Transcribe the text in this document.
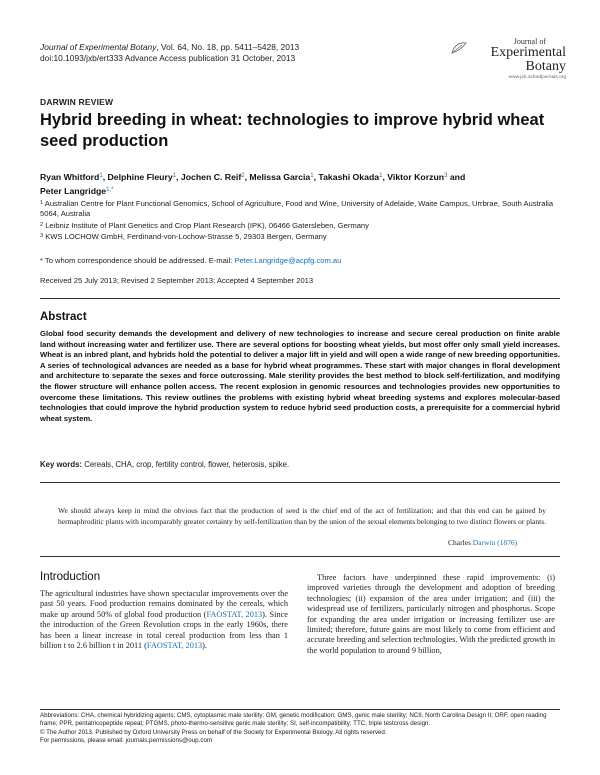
Journal of Experimental Botany, Vol. 64, No. 18, pp. 5411–5428, 2013
doi:10.1093/jxb/ert333 Advance Access publication 31 October, 2013
Journal of
Experimental
Botany
www.jxb.oxfordjournals.org
DARWIN REVIEW
Hybrid breeding in wheat: technologies to improve hybrid wheat seed production
Ryan Whitford$^1$, Delphine Fleury$^1$, Jochen C. Reif$^2$, Melissa Garcia$^1$, Takashi Okada$^1$, Viktor Korzun$^3$ and
Peter Langridge$^{1,*}$

$^1$ Australian Centre for Plant Functional Genomics, School of Agriculture, Food and Wine, University of Adelaide, Waite Campus, Urrbrae, South Australia 5064, Australia

$^2$ Leibniz Institute of Plant Genetics and Crop Plant Research (IPK), 06466 Gatersleben, Germany

$^3$ KWS LOCHOW GmbH, Ferdinand-von-Lochow-Strasse 5, 29303 Bergen, Germany

* To whom correspondence should be addressed. E-mail: Peter.Langridge@acpfg.com.au
Received 25 July 2013; Revised 2 September 2013; Accepted 4 September 2013
Abstract
Global food security demands the development and delivery of new technologies to increase and secure cereal production on finite arable land without increasing water and fertilizer use. There are several options for boosting wheat yields, but most offer only small yield increases. Wheat is an inbred plant, and hybrids hold the potential to deliver a major lift in yield and will open a wide range of new breeding opportunities. A series of technological advances are needed as a base for hybrid wheat programmes. These start with major changes in floral development and architecture to separate the sexes and force outcrossing. Male sterility provides the best method to block self-fertilization, and modifying the flower structure will enhance pollen access. The recent explosion in genomic resources and technologies provides new opportunities to overcome these limitations. This review outlines the problems with existing hybrid wheat breeding systems and explores molecular-based technologies that could improve the hybrid production system to reduce hybrid seed production costs, a prerequisite for a commercial hybrid wheat system.
Key words: Cereals, CHA, crop, fertility control, flower, heterosis, spike.
We should always keep in mind the obvious fact that the production of seed is the chief end of the act of fertilization; and that this end can be gained by hermaphroditic plants with incomparably greater certainty by self-fertilization than by the union of the sexual elements belonging to two distinct flowers or plants.
Charles Darwin (1876)
Introduction

The agricultural industries have shown spectacular improvements over the past 50 years. Food production remains dominated by the cereals, which make up around 50% of global food production (FAOSTAT, 2013). Since the introduction of the Green Revolution crops in the early 1960s, there has been a linear increase in total cereal production from less than 1 billion t to 2.6 billion t in 2011 (FAOSTAT, 2013).

Three factors have underpinned these rapid improvements: (i) improved varieties through the development and adoption of breeding technologies; (ii) expansion of the area under irrigation; and (iii) the widespread use of fertilizers, particularly nitrogen and phosphorus. Scope for expanding the area under irrigation or increasing fertilizer use are limited; therefore, future gains are most likely to come from efficient and accurate breeding and selection technologies. With the predicted growth in the world population to around 9 billion,

Abbreviations: CHA, chemical hybridizing agents; CMS, cytoplasmic male sterility; GM, genetic modification; GMS, genic male sterility; NCII, North Carolina Design II; ORF, open reading frame; PPR, pentatricopeptide repeat; PTGMS, photo-thermo-sensitive genic male sterility; SI, self-incompatibility; TTC, triple testcross design.

© The Author 2013. Published by Oxford University Press on behalf of the Society for Experimental Biology. All rights reserved.

For permissions, please email: journals.permissions@oup.com
